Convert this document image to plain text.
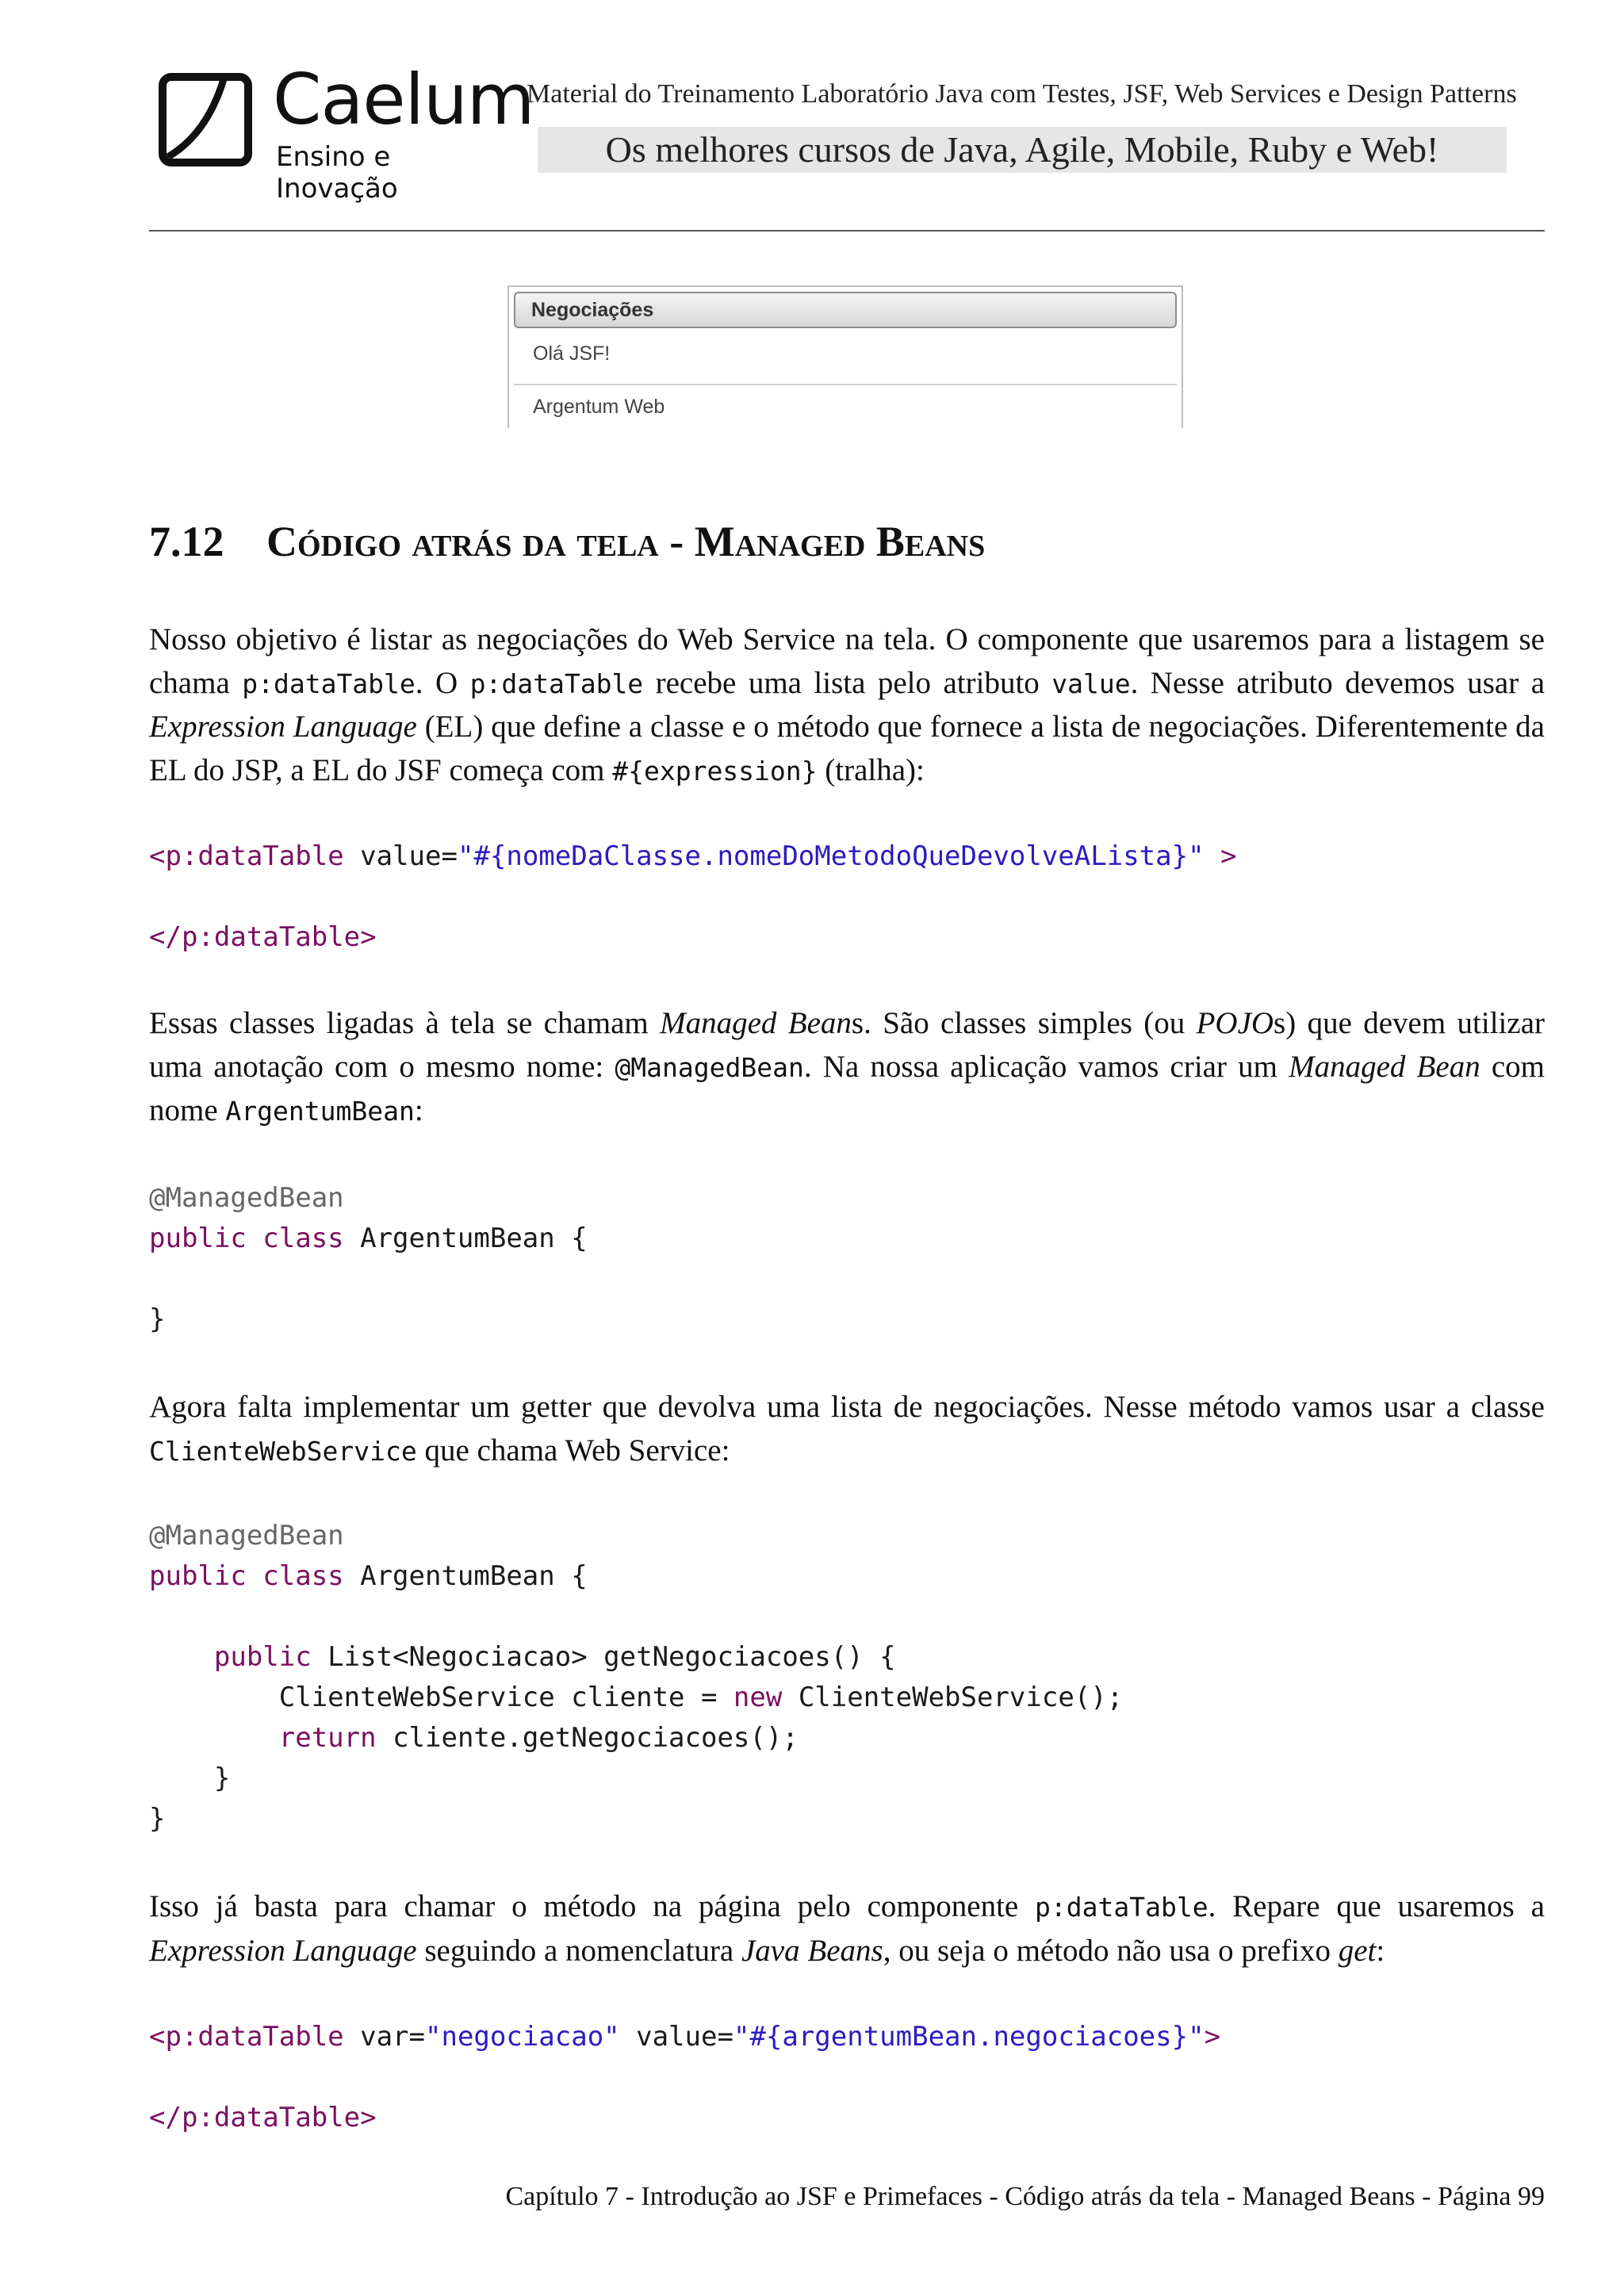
✶ Caelum
Ensino e Inovação
Material do Treinamento Laboratório Java com Testes, JSF, Web Services e Design Patterns
Os melhores cursos de Java, Agile, Mobile, Ruby e Web!
Negociações
Olá JSF!
Argentum Web
7.12 Código atrás da tela - Managed Beans
Nosso objetivo é listar as negociações do Web Service na tela. O componente que usaremos para a listagem se chama p:dataTable. O p:dataTable recebe uma lista pelo atributo value. Nesse atributo devemos usar a Expression Language (EL) que define a classe e o método que fornece a lista de negociações. Diferentemente da EL do JSP, a EL do JSF começa com #{expression} (tralha):
<p:dataTable value="#{nomeDaClasse.nomeDoMetodoQueDevolveALista}" >

</p:dataTable>
Essas classes ligadas à tela se chamam Managed Beans. São classes simples (ou POJOs) que devem utilizar uma anotação com o mesmo nome: @ManagedBean. Na nossa aplicação vamos criar um Managed Bean com nome ArgentumBean:
@ManagedBean
public class ArgentumBean {

}
Agora falta implementar um getter que devolva uma lista de negociações. Nesse método vamos usar a classe ClienteWebService que chama Web Service:
@ManagedBean
public class ArgentumBean {

public List<Negociacao> getNegociacoes() {
ClienteWebService cliente = new ClienteWebService();
return cliente.getNegociacoes();
}
}
Isso já basta para chamar o método na página pelo componente p:dataTable. Repare que usaremos a Expression Language seguindo a nomenclatura Java Beans, ou seja o método não usa o prefixo get:
<p:dataTable var="negociacao" value="#{argentumBean.negociacoes}">

</p:dataTable>
Capítulo 7 - Introdução ao JSF e Primefaces - Código atrás da tela - Managed Beans - Página 99
